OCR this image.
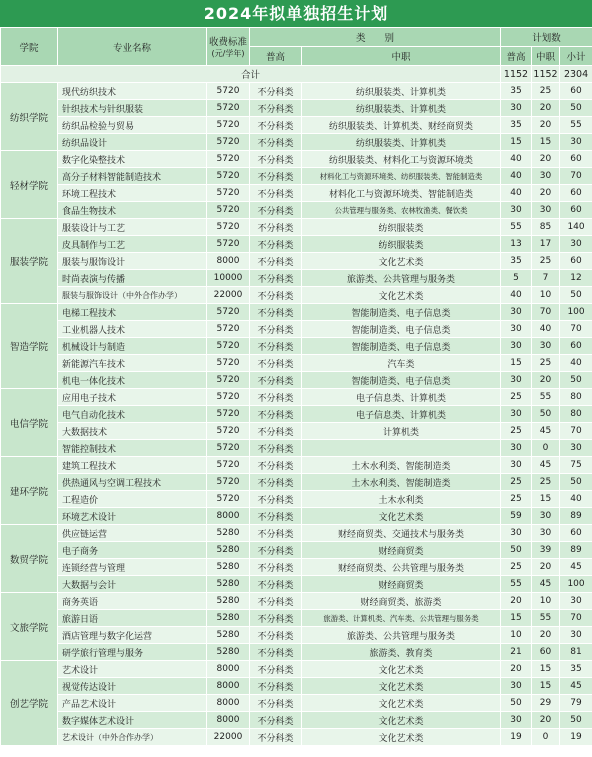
2024年拟单独招生计划
学院	专业名称	收费标准
(元/学年)	类　　别		计划数		
			普高	中职	普高	中职	小计
合计					1152	1152	2304
纺织学院	现代纺织技术	5720	不分科类	纺织服装类、计算机类	35	25	60
	针织技术与针织服装	5720	不分科类	纺织服装类、计算机类	30	20	50
	纺织品检验与贸易	5720	不分科类	纺织服装类、计算机类、财经商贸类	35	20	55
	纺织品设计	5720	不分科类	纺织服装类、计算机类	15	15	30
轻材学院	数字化染整技术	5720	不分科类	纺织服装类、材料化工与资源环境类	40	20	60
	高分子材料智能制造技术	5720	不分科类	材料化工与资源环境类、纺织服装类、智能制造类	40	30	70
	环境工程技术	5720	不分科类	材料化工与资源环境类、智能制造类	40	20	60
	食品生物技术	5720	不分科类	公共管理与服务类、农林牧渔类、餐饮类	30	30	60
服装学院	服装设计与工艺	5720	不分科类	纺织服装类	55	85	140
	皮具制作与工艺	5720	不分科类	纺织服装类	13	17	30
	服装与服饰设计	8000	不分科类	文化艺术类	35	25	60
	时尚表演与传播	10000	不分科类	旅游类、公共管理与服务类	5	7	12
	服装与服饰设计（中外合作办学）	22000	不分科类	文化艺术类	40	10	50
智造学院	电梯工程技术	5720	不分科类	智能制造类、电子信息类	30	70	100
	工业机器人技术	5720	不分科类	智能制造类、电子信息类	30	40	70
	机械设计与制造	5720	不分科类	智能制造类、电子信息类	30	30	60
	新能源汽车技术	5720	不分科类	汽车类	15	25	40
	机电一体化技术	5720	不分科类	智能制造类、电子信息类	30	20	50
电信学院	应用电子技术	5720	不分科类	电子信息类、计算机类	25	55	80
	电气自动化技术	5720	不分科类	电子信息类、计算机类	30	50	80
	大数据技术	5720	不分科类	计算机类	25	45	70
	智能控制技术	5720	不分科类		30	0	30
建环学院	建筑工程技术	5720	不分科类	土木水利类、智能制造类	30	45	75
	供热通风与空调工程技术	5720	不分科类	土木水利类、智能制造类	25	25	50
	工程造价	5720	不分科类	土木水利类	25	15	40
	环境艺术设计	8000	不分科类	文化艺术类	59	30	89
数贸学院	供应链运营	5280	不分科类	财经商贸类、交通技术与服务类	30	30	60
	电子商务	5280	不分科类	财经商贸类	50	39	89
	连锁经营与管理	5280	不分科类	财经商贸类、公共管理与服务类	25	20	45
	大数据与会计	5280	不分科类	财经商贸类	55	45	100
文旅学院	商务英语	5280	不分科类	财经商贸类、旅游类	20	10	30
	旅游日语	5280	不分科类	旅游类、计算机类、汽车类、公共管理与服务类	15	55	70
	酒店管理与数字化运营	5280	不分科类	旅游类、公共管理与服务类	10	20	30
	研学旅行管理与服务	5280	不分科类	旅游类、教育类	21	60	81
创艺学院	艺术设计	8000	不分科类	文化艺术类	20	15	35
	视觉传达设计	8000	不分科类	文化艺术类	30	15	45
	产品艺术设计	8000	不分科类	文化艺术类	50	29	79
	数字媒体艺术设计	8000	不分科类	文化艺术类	30	20	50
	艺术设计（中外合作办学）	22000	不分科类	文化艺术类	19	0	19
